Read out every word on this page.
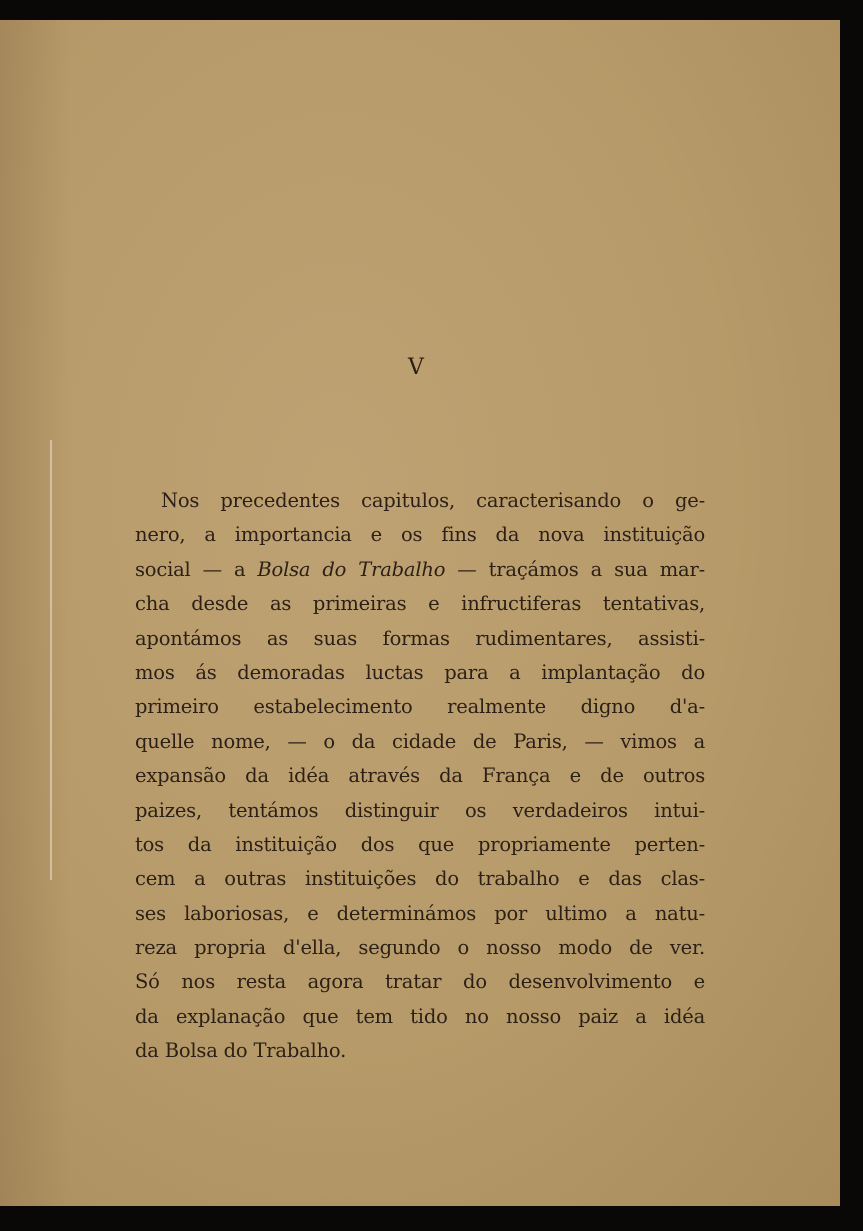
V
Nos precedentes capitulos, caracterisando o ge-
nero, a importancia e os fins da nova instituição
social — a Bolsa do Trabalho — traçámos a sua mar-
cha desde as primeiras e infructiferas tentativas,
apontámos as suas formas rudimentares, assisti-
mos ás demoradas luctas para a implantação do
primeiro estabelecimento realmente digno d'a-
quelle nome, — o da cidade de Paris, — vimos a
expansão da idéa através da França e de outros
paizes, tentámos distinguir os verdadeiros intui-
tos da instituição dos que propriamente perten-
cem a outras instituições do trabalho e das clas-
ses laboriosas, e determinámos por ultimo a natu-
reza propria d'ella, segundo o nosso modo de ver.
Só nos resta agora tratar do desenvolvimento e
da explanação que tem tido no nosso paiz a idéa
da Bolsa do Trabalho.
